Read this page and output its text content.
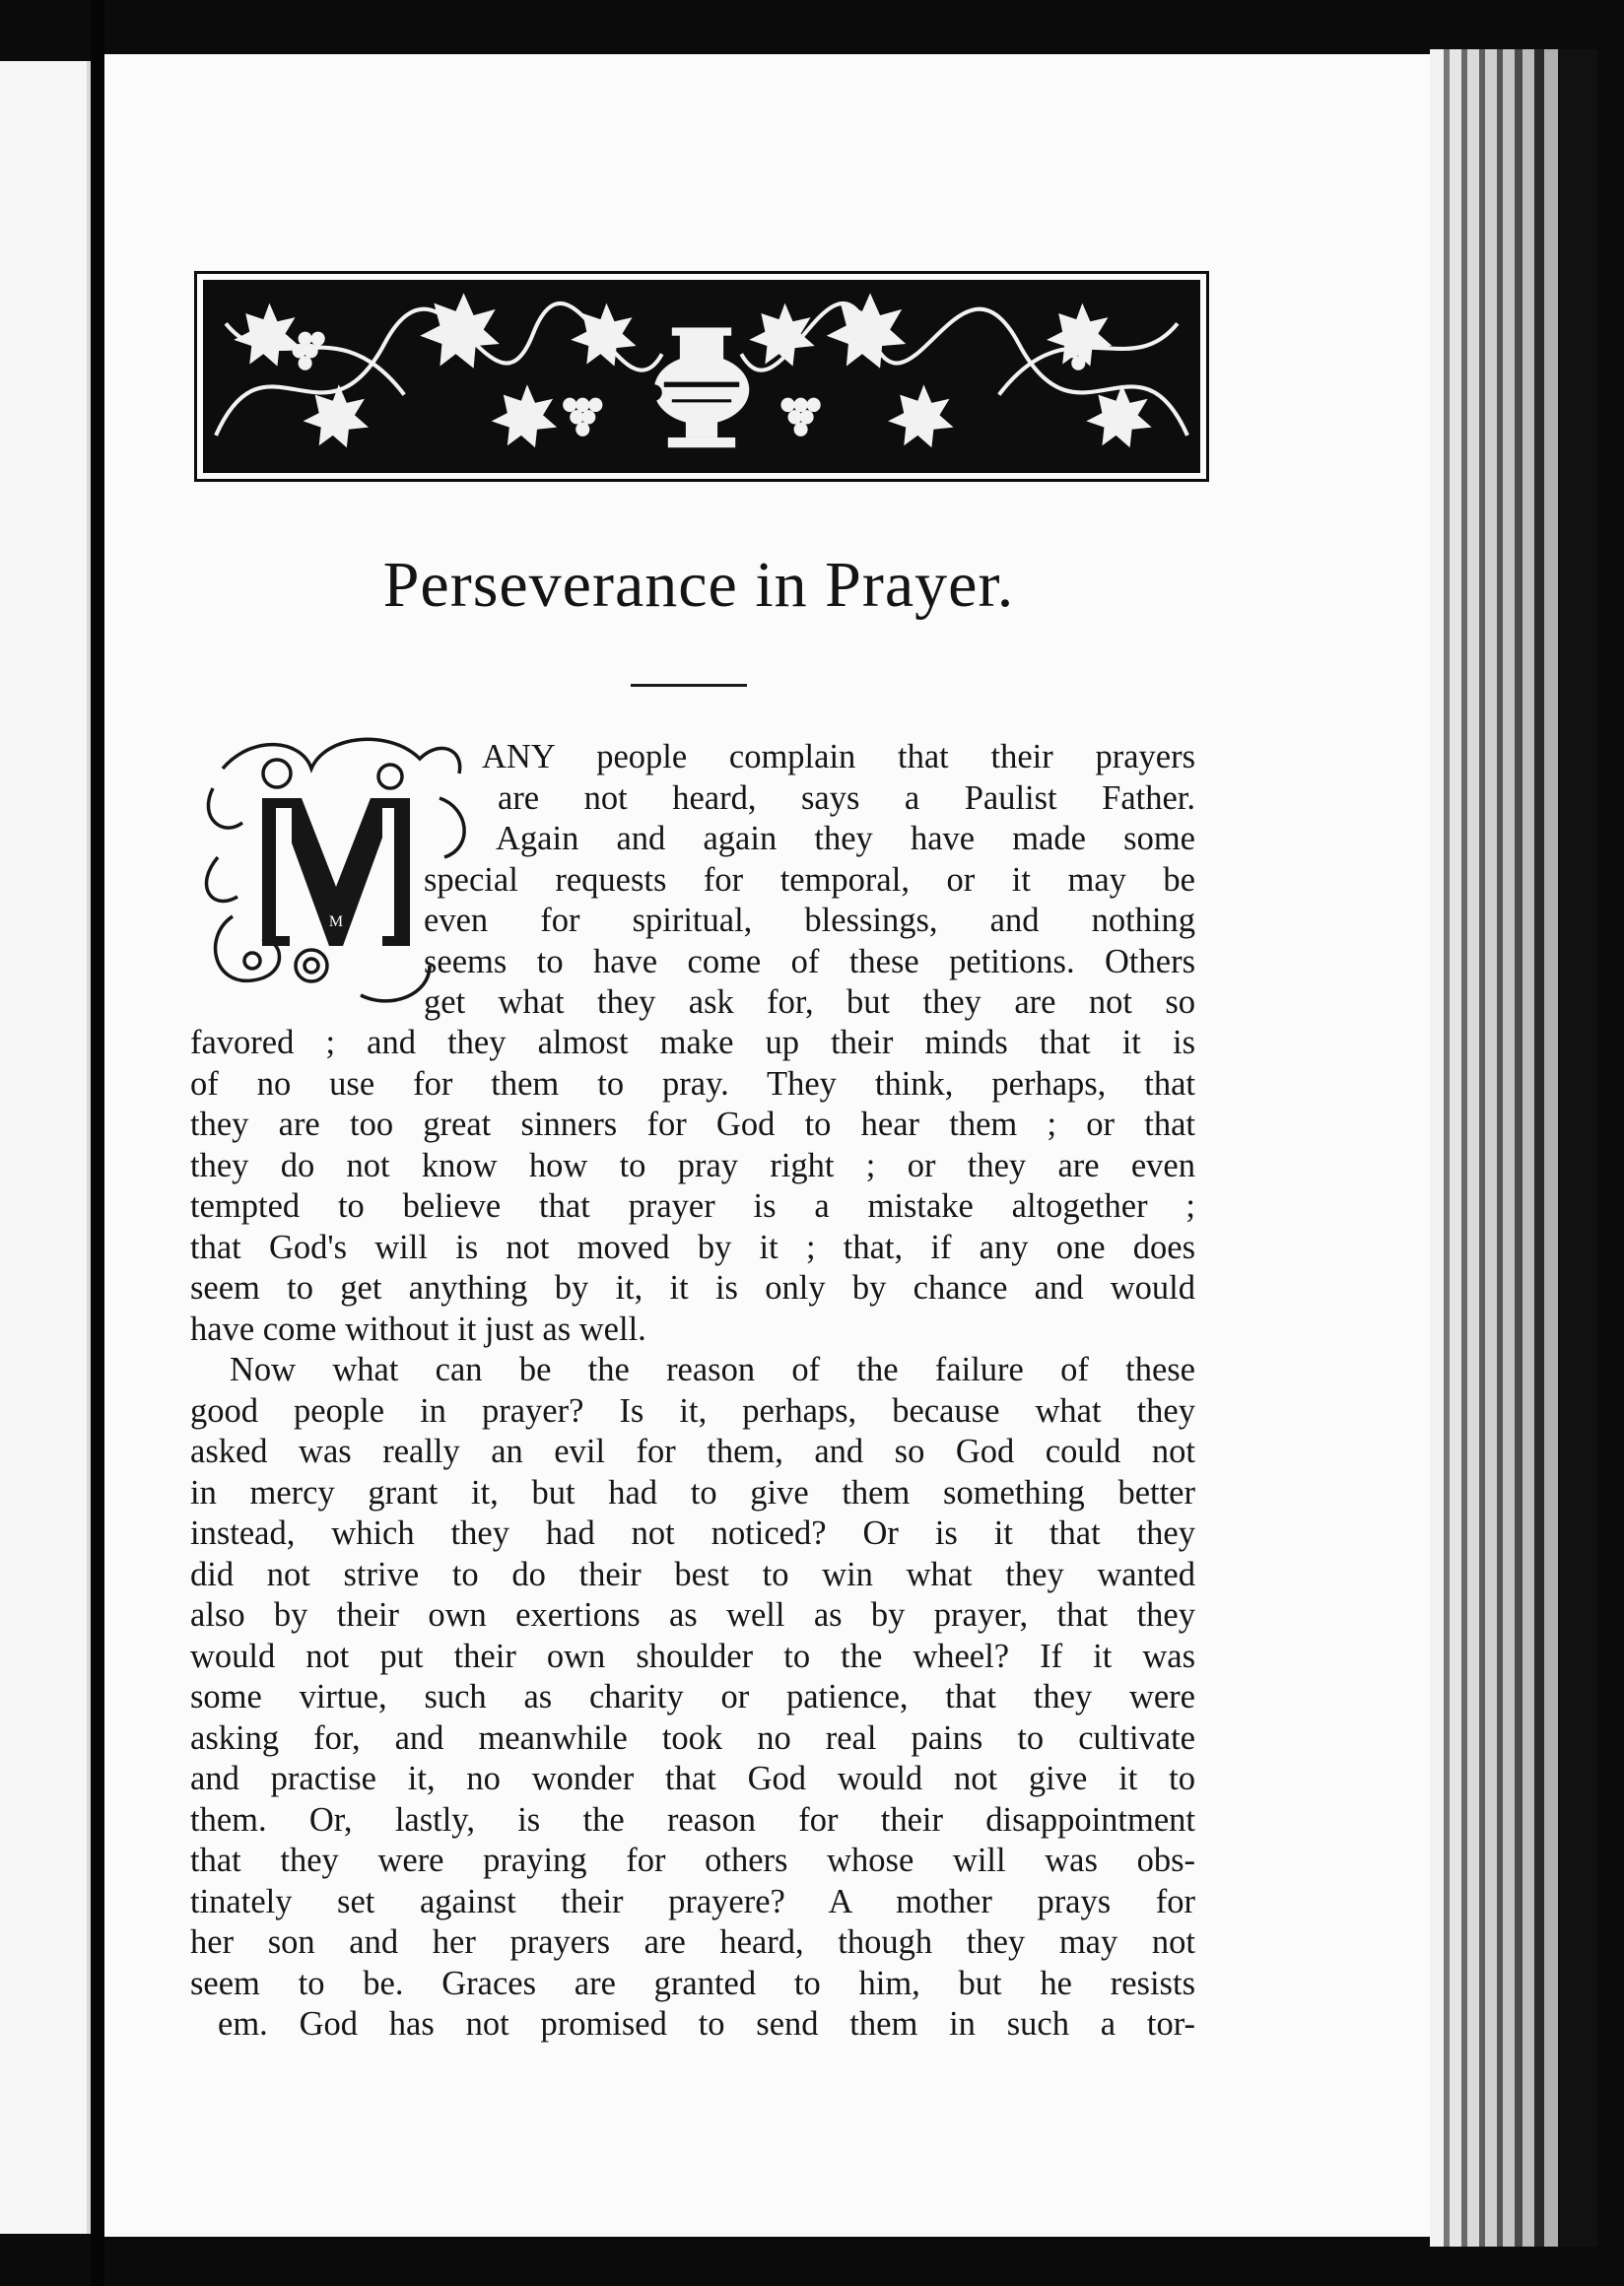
Perseverance in Prayer.
M
ANY people complain that their prayers
are not heard, says a Paulist Father.
Again and again they have made some
special requests for temporal, or it may be
even for spiritual, blessings, and nothing
seems to have come of these petitions. Others
get what they ask for, but they are not so
favored ; and they almost make up their minds that it is
of no use for them to pray. They think, perhaps, that
they are too great sinners for God to hear them ; or that
they do not know how to pray right ; or they are even
tempted to believe that prayer is a mistake altogether ;
that God's will is not moved by it ; that, if any one does
seem to get anything by it, it is only by chance and would
have come without it just as well.
Now what can be the reason of the failure of these
good people in prayer? Is it, perhaps, because what they
asked was really an evil for them, and so God could not
in mercy grant it, but had to give them something better
instead, which they had not noticed? Or is it that they
did not strive to do their best to win what they wanted
also by their own exertions as well as by prayer, that they
would not put their own shoulder to the wheel? If it was
some virtue, such as charity or patience, that they were
asking for, and meanwhile took no real pains to cultivate
and practise it, no wonder that God would not give it to
them. Or, lastly, is the reason for their disappointment
that they were praying for others whose will was obs-
tinately set against their prayere? A mother prays for
her son and her prayers are heard, though they may not
seem to be. Graces are granted to him, but he resists
em. God has not promised to send them in such a tor-
